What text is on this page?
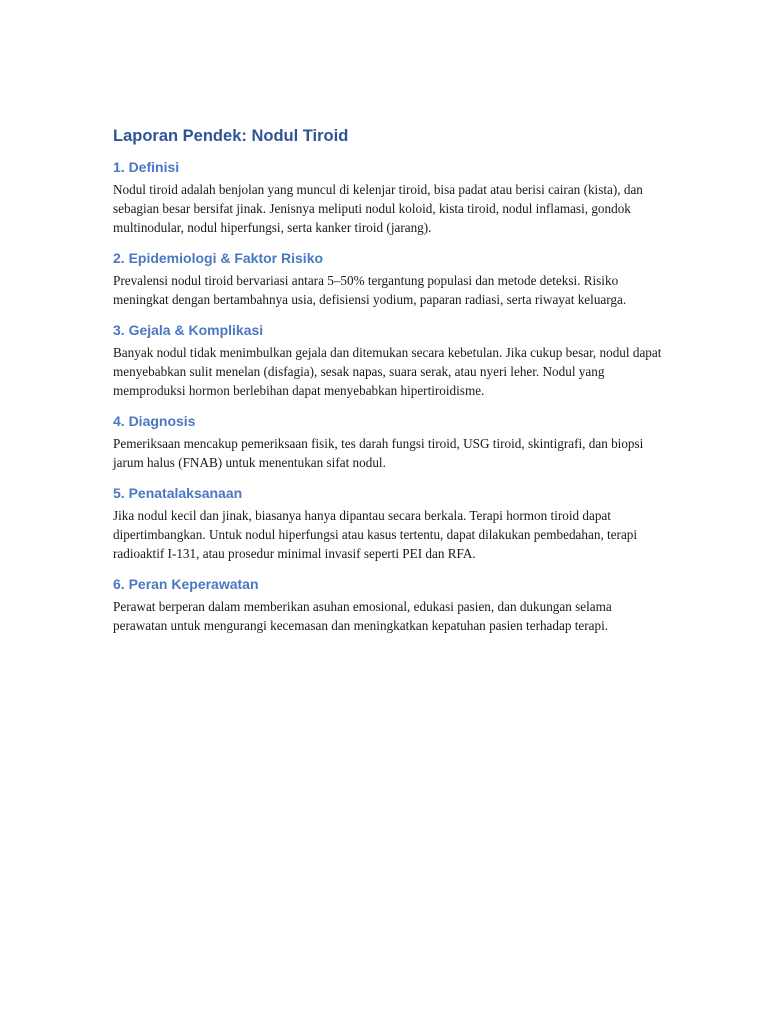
Laporan Pendek: Nodul Tiroid
1. Definisi

Nodul tiroid adalah benjolan yang muncul di kelenjar tiroid, bisa padat atau berisi cairan (kista), dan sebagian besar bersifat jinak. Jenisnya meliputi nodul koloid, kista tiroid, nodul inflamasi, gondok multinodular, nodul hiperfungsi, serta kanker tiroid (jarang).

2. Epidemiologi & Faktor Risiko

Prevalensi nodul tiroid bervariasi antara 5–50% tergantung populasi dan metode deteksi. Risiko meningkat dengan bertambahnya usia, defisiensi yodium, paparan radiasi, serta riwayat keluarga.

3. Gejala & Komplikasi

Banyak nodul tidak menimbulkan gejala dan ditemukan secara kebetulan. Jika cukup besar, nodul dapat menyebabkan sulit menelan (disfagia), sesak napas, suara serak, atau nyeri leher. Nodul yang memproduksi hormon berlebihan dapat menyebabkan hipertiroidisme.

4. Diagnosis

Pemeriksaan mencakup pemeriksaan fisik, tes darah fungsi tiroid, USG tiroid, skintigrafi, dan biopsi jarum halus (FNAB) untuk menentukan sifat nodul.

5. Penatalaksanaan

Jika nodul kecil dan jinak, biasanya hanya dipantau secara berkala. Terapi hormon tiroid dapat dipertimbangkan. Untuk nodul hiperfungsi atau kasus tertentu, dapat dilakukan pembedahan, terapi radioaktif I-131, atau prosedur minimal invasif seperti PEI dan RFA.

6. Peran Keperawatan

Perawat berperan dalam memberikan asuhan emosional, edukasi pasien, dan dukungan selama perawatan untuk mengurangi kecemasan dan meningkatkan kepatuhan pasien terhadap terapi.
